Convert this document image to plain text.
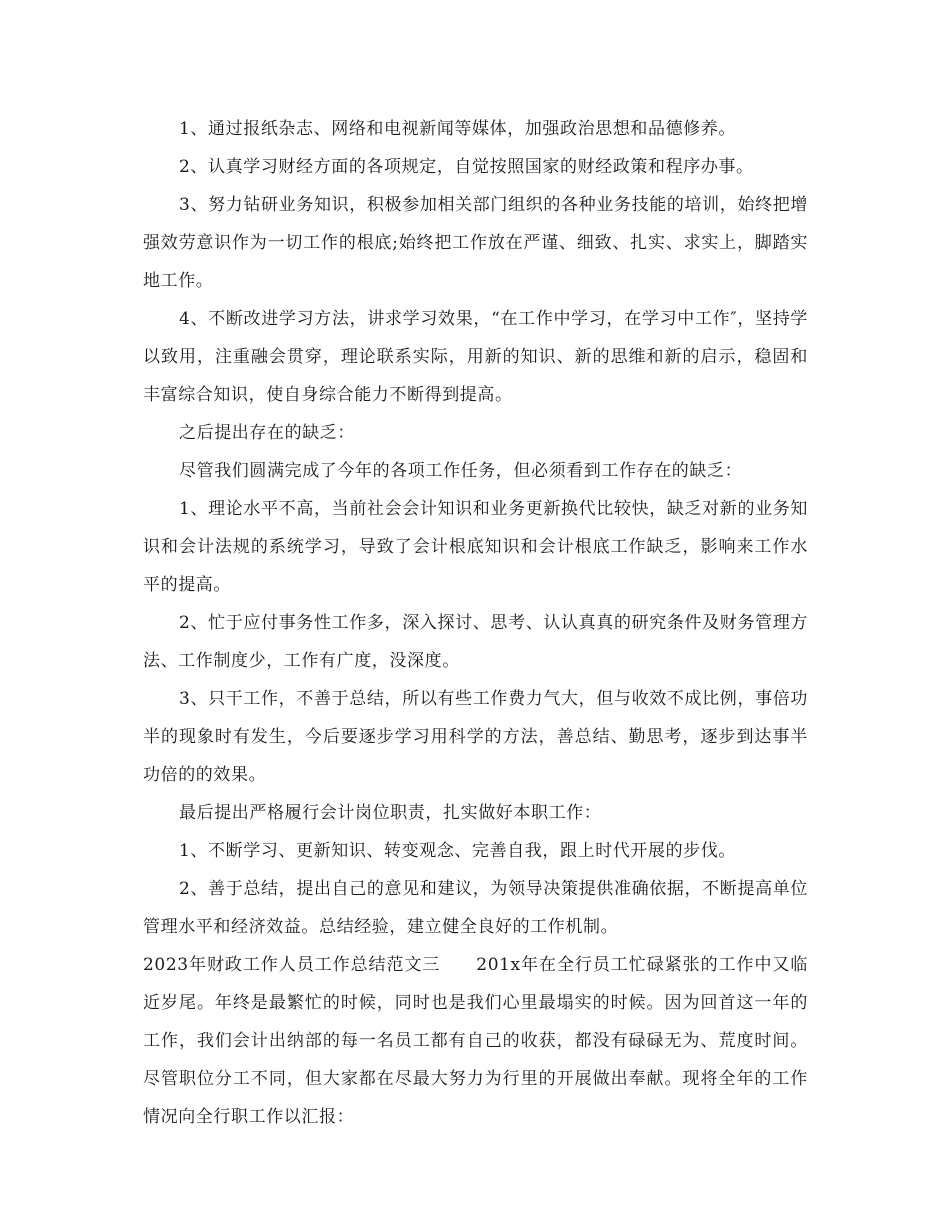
1、通过报纸杂志、网络和电视新闻等媒体，加强政治思想和品德修养。

2、认真学习财经方面的各项规定，自觉按照国家的财经政策和程序办事。

3、努力钻研业务知识，积极参加相关部门组织的各种业务技能的培训，始终把增强效劳意识作为一切工作的根底;始终把工作放在严谨、细致、扎实、求实上，脚踏实地工作。

4、不断改进学习方法，讲求学习效果，“在工作中学习，在学习中工作″，坚持学以致用，注重融会贯穿，理论联系实际，用新的知识、新的思维和新的启示，稳固和丰富综合知识，使自身综合能力不断得到提高。

之后提出存在的缺乏：

尽管我们圆满完成了今年的各项工作任务，但必须看到工作存在的缺乏：

1、理论水平不高，当前社会会计知识和业务更新换代比较快，缺乏对新的业务知识和会计法规的系统学习，导致了会计根底知识和会计根底工作缺乏，影响来工作水平的提高。

2、忙于应付事务性工作多，深入探讨、思考、认认真真的研究条件及财务管理方法、工作制度少，工作有广度，没深度。

3、只干工作，不善于总结，所以有些工作费力气大，但与收效不成比例，事倍功半的现象时有发生，今后要逐步学习用科学的方法，善总结、勤思考，逐步到达事半功倍的的效果。

最后提出严格履行会计岗位职责，扎实做好本职工作：

1、不断学习、更新知识、转变观念、完善自我，跟上时代开展的步伐。

2、善于总结，提出自己的意见和建议，为领导决策提供准确依据，不断提高单位管理水平和经济效益。总结经验，建立健全良好的工作机制。

2023年财政工作人员工作总结范文三　　201x年在全行员工忙碌紧张的工作中又临近岁尾。年终是最繁忙的时候，同时也是我们心里最塌实的时候。因为回首这一年的工作，我们会计出纳部的每一名员工都有自己的收获，都没有碌碌无为、荒度时间。尽管职位分工不同，但大家都在尽最大努力为行里的开展做出奉献。现将全年的工作情况向全行职工作以汇报：
